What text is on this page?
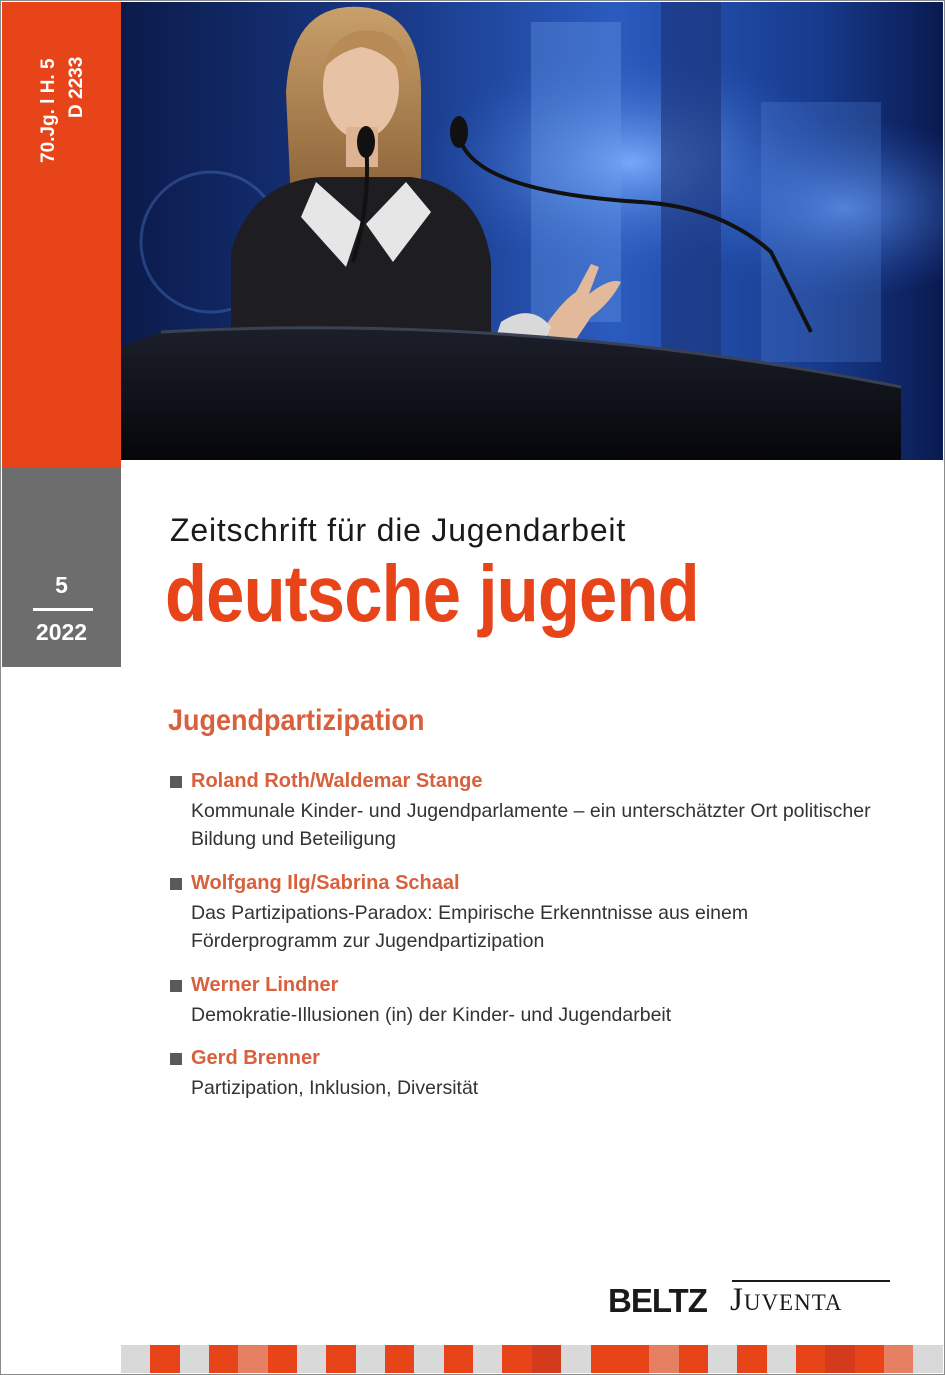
70.Jg. l H. 5 D 2233
5
2022
Zeitschrift für die Jugendarbeit
deutsche jugend
Jugendpartizipation
Roland Roth/Waldemar Stange
Kommunale Kinder- und Jugendparlamente – ein unterschätzter Ort politischer Bildung und Beteiligung
Wolfgang Ilg/Sabrina Schaal
Das Partizipations-Paradox: Empirische Erkenntnisse aus einem Förderprogramm zur Jugendpartizipation
Werner Lindner
Demokratie-Illusionen (in) der Kinder- und Jugendarbeit
Gerd Brenner
Partizipation, Inklusion, Diversität
BELTZ Juventa
